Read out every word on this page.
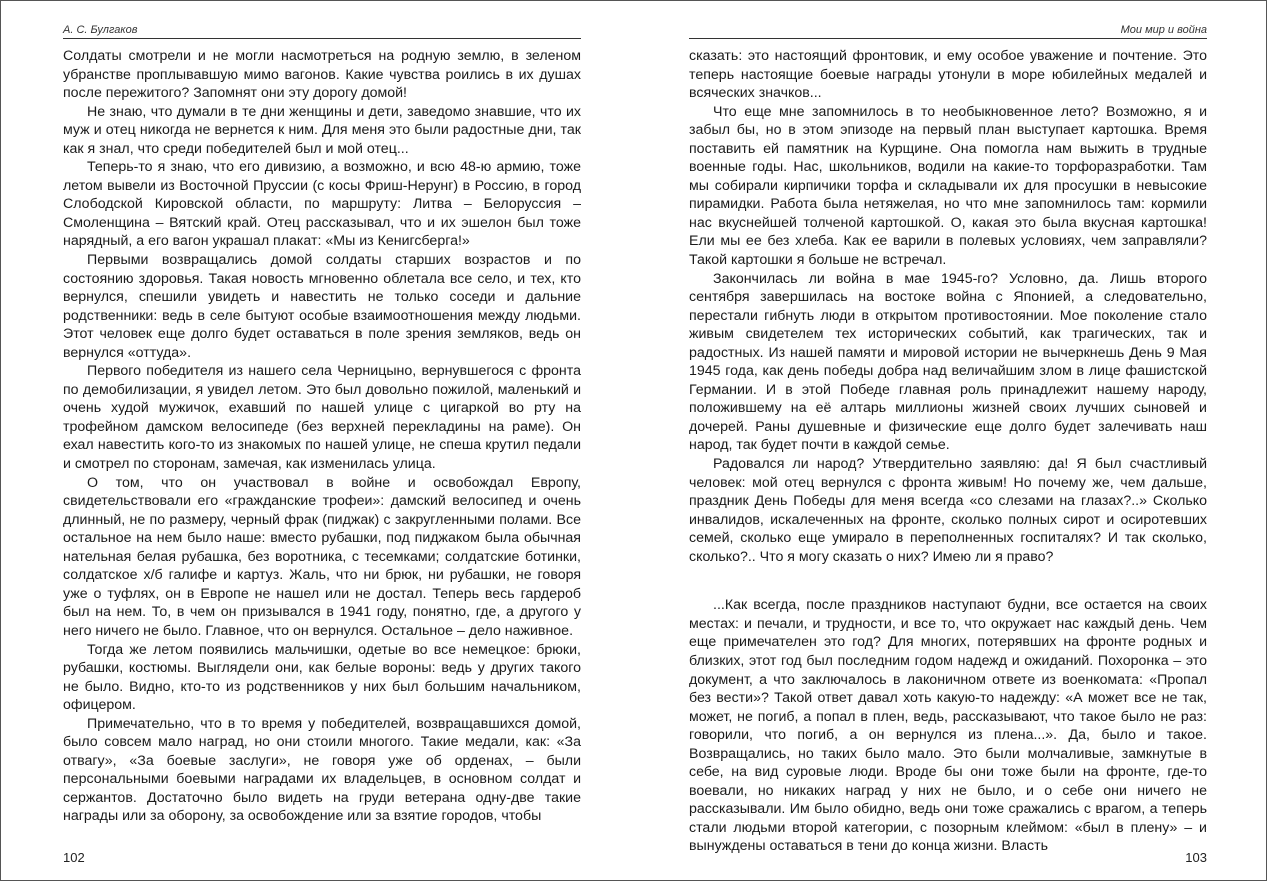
А. С. Булгаков

Солдаты смотрели и не могли насмотреться на родную землю, в зеленом убранстве проплывавшую мимо вагонов. Какие чувства роились в их душах после пережитого? Запомнят они эту дорогу домой!

Не знаю, что думали в те дни женщины и дети, заведомо знавшие, что их муж и отец никогда не вернется к ним. Для меня это были радостные дни, так как я знал, что среди победителей был и мой отец...

Теперь-то я знаю, что его дивизию, а возможно, и всю 48-ю армию, тоже летом вывели из Восточной Пруссии (с косы Фриш-Нерунг) в Россию, в город Слободской Кировской области, по маршруту: Литва – Белоруссия – Смоленщина – Вятский край. Отец рассказывал, что и их эшелон был тоже нарядный, а его вагон украшал плакат: «Мы из Кенигсберга!»

Первыми возвращались домой солдаты старших возрастов и по состоянию здоровья. Такая новость мгновенно облетала все село, и тех, кто вернулся, спешили увидеть и навестить не только соседи и дальние родственники: ведь в селе бытуют особые взаимоотношения между людьми. Этот человек еще долго будет оставаться в поле зрения земляков, ведь он вернулся «оттуда».

Первого победителя из нашего села Черницыно, вернувшегося с фронта по демобилизации, я увидел летом. Это был довольно пожилой, маленький и очень худой мужичок, ехавший по нашей улице с цигаркой во рту на трофейном дамском велосипеде (без верхней перекладины на раме). Он ехал навестить кого-то из знакомых по нашей улице, не спеша крутил педали и смотрел по сторонам, замечая, как изменилась улица.

О том, что он участвовал в войне и освобождал Европу, свидетельствовали его «гражданские трофеи»: дамский велосипед и очень длинный, не по размеру, черный фрак (пиджак) с закругленными полами. Все остальное на нем было наше: вместо рубашки, под пиджаком была обычная нательная белая рубашка, без воротника, с тесемками; солдатские ботинки, солдатское х/б галифе и картуз. Жаль, что ни брюк, ни рубашки, не говоря уже о туфлях, он в Европе не нашел или не достал. Теперь весь гардероб был на нем. То, в чем он призывался в 1941 году, понятно, где, а другого у него ничего не было. Главное, что он вернулся. Остальное – дело наживное.

Тогда же летом появились мальчишки, одетые во все немецкое: брюки, рубашки, костюмы. Выглядели они, как белые вороны: ведь у других такого не было. Видно, кто-то из родственников у них был большим начальником, офицером.

Примечательно, что в то время у победителей, возвращавшихся домой, было совсем мало наград, но они стоили многого. Такие медали, как: «За отвагу», «За боевые заслуги», не говоря уже об орденах, – были персональными боевыми наградами их владельцев, в основном солдат и сержантов. Достаточно было видеть на груди ветерана одну-две такие награды или за оборону, за освобождение или за взятие городов, чтобы

102
Мои мир и война

сказать: это настоящий фронтовик, и ему особое уважение и почтение. Это теперь настоящие боевые награды утонули в море юбилейных медалей и всяческих значков...

Что еще мне запомнилось в то необыкновенное лето? Возможно, я и забыл бы, но в этом эпизоде на первый план выступает картошка. Время поставить ей памятник на Курщине. Она помогла нам выжить в трудные военные годы. Нас, школьников, водили на какие-то торфоразработки. Там мы собирали кирпичики торфа и складывали их для просушки в невысокие пирамидки. Работа была нетяжелая, но что мне запомнилось там: кормили нас вкуснейшей толченой картошкой. О, какая это была вкусная картошка! Ели мы ее без хлеба. Как ее варили в полевых условиях, чем заправляли? Такой картошки я больше не встречал.

Закончилась ли война в мае 1945-го? Условно, да. Лишь второго сентября завершилась на востоке война с Японией, а следовательно, перестали гибнуть люди в открытом противостоянии. Мое поколение стало живым свидетелем тех исторических событий, как трагических, так и радостных. Из нашей памяти и мировой истории не вычеркнешь День 9 Мая 1945 года, как день победы добра над величайшим злом в лице фашистской Германии. И в этой Победе главная роль принадлежит нашему народу, положившему на её алтарь миллионы жизней своих лучших сыновей и дочерей. Раны душевные и физические еще долго будет залечивать наш народ, так будет почти в каждой семье.

Радовался ли народ? Утвердительно заявляю: да! Я был счастливый человек: мой отец вернулся с фронта живым! Но почему же, чем дальше, праздник День Победы для меня всегда «со слезами на глазах?..» Сколько инвалидов, искалеченных на фронте, сколько полных сирот и осиротевших семей, сколько еще умирало в переполненных госпиталях? И так сколько, сколько?.. Что я могу сказать о них? Имею ли я право?

...Как всегда, после праздников наступают будни, все остается на своих местах: и печали, и трудности, и все то, что окружает нас каждый день. Чем еще примечателен это год? Для многих, потерявших на фронте родных и близких, этот год был последним годом надежд и ожиданий. Похоронка – это документ, а что заключалось в лаконичном ответе из военкомата: «Пропал без вести»? Такой ответ давал хоть какую-то надежду: «А может все не так, может, не погиб, а попал в плен, ведь, рассказывают, что такое было не раз: говорили, что погиб, а он вернулся из плена...». Да, было и такое. Возвращались, но таких было мало. Это были молчаливые, замкнутые в себе, на вид суровые люди. Вроде бы они тоже были на фронте, где-то воевали, но никаких наград у них не было, и о себе они ничего не рассказывали. Им было обидно, ведь они тоже сражались с врагом, а теперь стали людьми второй категории, с позорным клеймом: «был в плену» – и вынуждены оставаться в тени до конца жизни. Власть

103
